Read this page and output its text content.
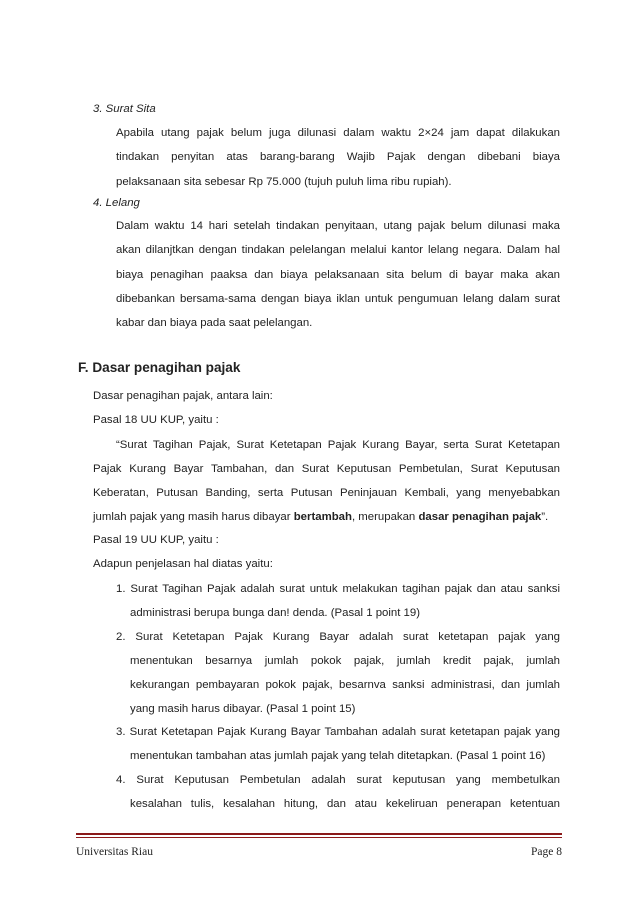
3. Surat Sita
Apabila utang pajak belum juga dilunasi dalam waktu 2×24 jam dapat dilakukan
tindakan penyitan atas barang-barang Wajib Pajak dengan dibebani biaya
pelaksanaan sita sebesar Rp 75.000 (tujuh puluh lima ribu rupiah).
4. Lelang
Dalam waktu 14 hari setelah tindakan penyitaan, utang pajak belum dilunasi maka
akan dilanjtkan dengan tindakan pelelangan melalui kantor lelang negara. Dalam hal
biaya penagihan paaksa dan biaya pelaksanaan sita belum di bayar maka akan
dibebankan bersama-sama dengan biaya iklan untuk pengumuan lelang dalam surat
kabar dan biaya pada saat pelelangan.
F. Dasar penagihan pajak
Dasar penagihan pajak, antara lain:
Pasal 18 UU KUP, yaitu :
“Surat Tagihan Pajak, Surat Ketetapan Pajak Kurang Bayar, serta Surat Ketetapan
Pajak Kurang Bayar Tambahan, dan Surat Keputusan Pembetulan, Surat Keputusan
Keberatan, Putusan Banding, serta Putusan Peninjauan Kembali, yang menyebabkan
jumlah pajak yang masih harus dibayar bertambah, merupakan dasar penagihan pajak”.
Pasal 19 UU KUP, yaitu :
Adapun penjelasan hal diatas yaitu:
1. Surat Tagihan Pajak adalah surat untuk melakukan tagihan pajak dan atau sanksi
administrasi berupa bunga dan! denda. (Pasal 1 point 19)
2. Surat Ketetapan Pajak Kurang Bayar adalah surat ketetapan pajak yang
menentukan besarnya jumlah pokok pajak, jumlah kredit pajak, jumlah
kekurangan pembayaran pokok pajak, besarnva sanksi administrasi, dan jumlah
yang masih harus dibayar. (Pasal 1 point 15)
3. Surat Ketetapan Pajak Kurang Bayar Tambahan adalah surat ketetapan pajak yang
menentukan tambahan atas jumlah pajak yang telah ditetapkan. (Pasal 1 point 16)
4. Surat Keputusan Pembetulan adalah surat keputusan yang membetulkan
kesalahan tulis, kesalahan hitung, dan atau kekeliruan penerapan ketentuan
Universitas Riau	Page 8
